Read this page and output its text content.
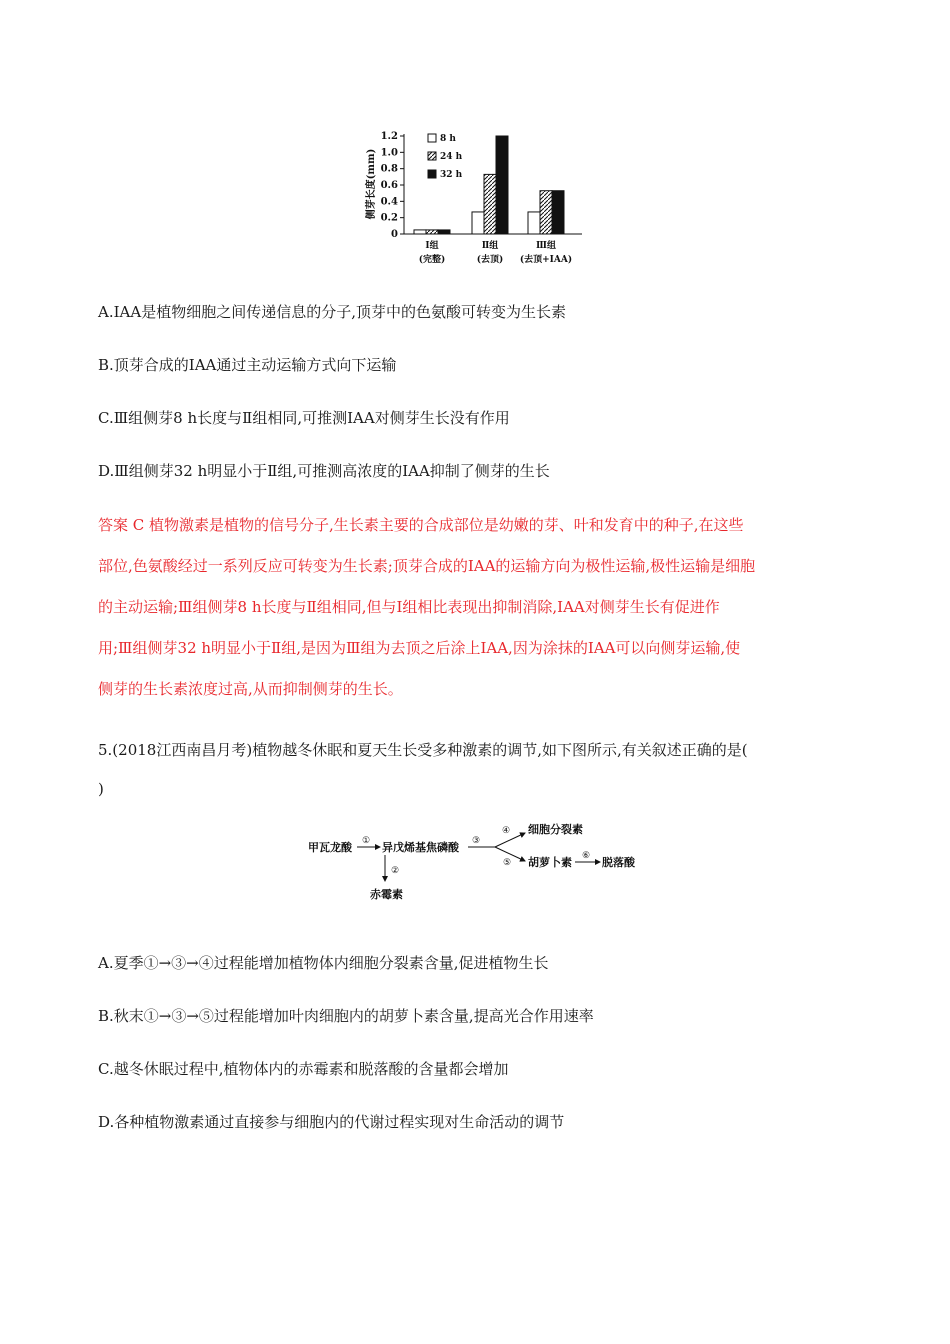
侧芽长度(mm)
0
0.2
0.4
0.6
0.8
1.0
1.2
Ⅰ组
(完整)
Ⅱ组
(去顶)
Ⅲ组
(去顶+IAA)
8 h
24 h
32 h
A.IAA是植物细胞之间传递信息的分子,顶芽中的色氨酸可转变为生长素
B.顶芽合成的IAA通过主动运输方式向下运输
C.Ⅲ组侧芽8 h长度与Ⅱ组相同,可推测IAA对侧芽生长没有作用
D.Ⅲ组侧芽32 h明显小于Ⅱ组,可推测高浓度的IAA抑制了侧芽的生长
答案 C 植物激素是植物的信号分子,生长素主要的合成部位是幼嫩的芽、叶和发育中的种子,在这些
部位,色氨酸经过一系列反应可转变为生长素;顶芽合成的IAA的运输方向为极性运输,极性运输是细胞
的主动运输;Ⅲ组侧芽8 h长度与Ⅱ组相同,但与Ⅰ组相比表现出抑制消除,IAA对侧芽生长有促进作
用;Ⅲ组侧芽32 h明显小于Ⅱ组,是因为Ⅲ组为去顶之后涂上IAA,因为涂抹的IAA可以向侧芽运输,使
侧芽的生长素浓度过高,从而抑制侧芽的生长。
5.(2018江西南昌月考)植物越冬休眠和夏天生长受多种激素的调节,如下图所示,有关叙述正确的是(
)
甲瓦龙酸 ① 异戊烯基焦磷酸
②
赤霉素
③
④
⑤
细胞分裂素
胡萝卜素 ⑥ 脱落酸
A.夏季①→③→④过程能增加植物体内细胞分裂素含量,促进植物生长
B.秋末①→③→⑤过程能增加叶肉细胞内的胡萝卜素含量,提高光合作用速率
C.越冬休眠过程中,植物体内的赤霉素和脱落酸的含量都会增加
D.各种植物激素通过直接参与细胞内的代谢过程实现对生命活动的调节
